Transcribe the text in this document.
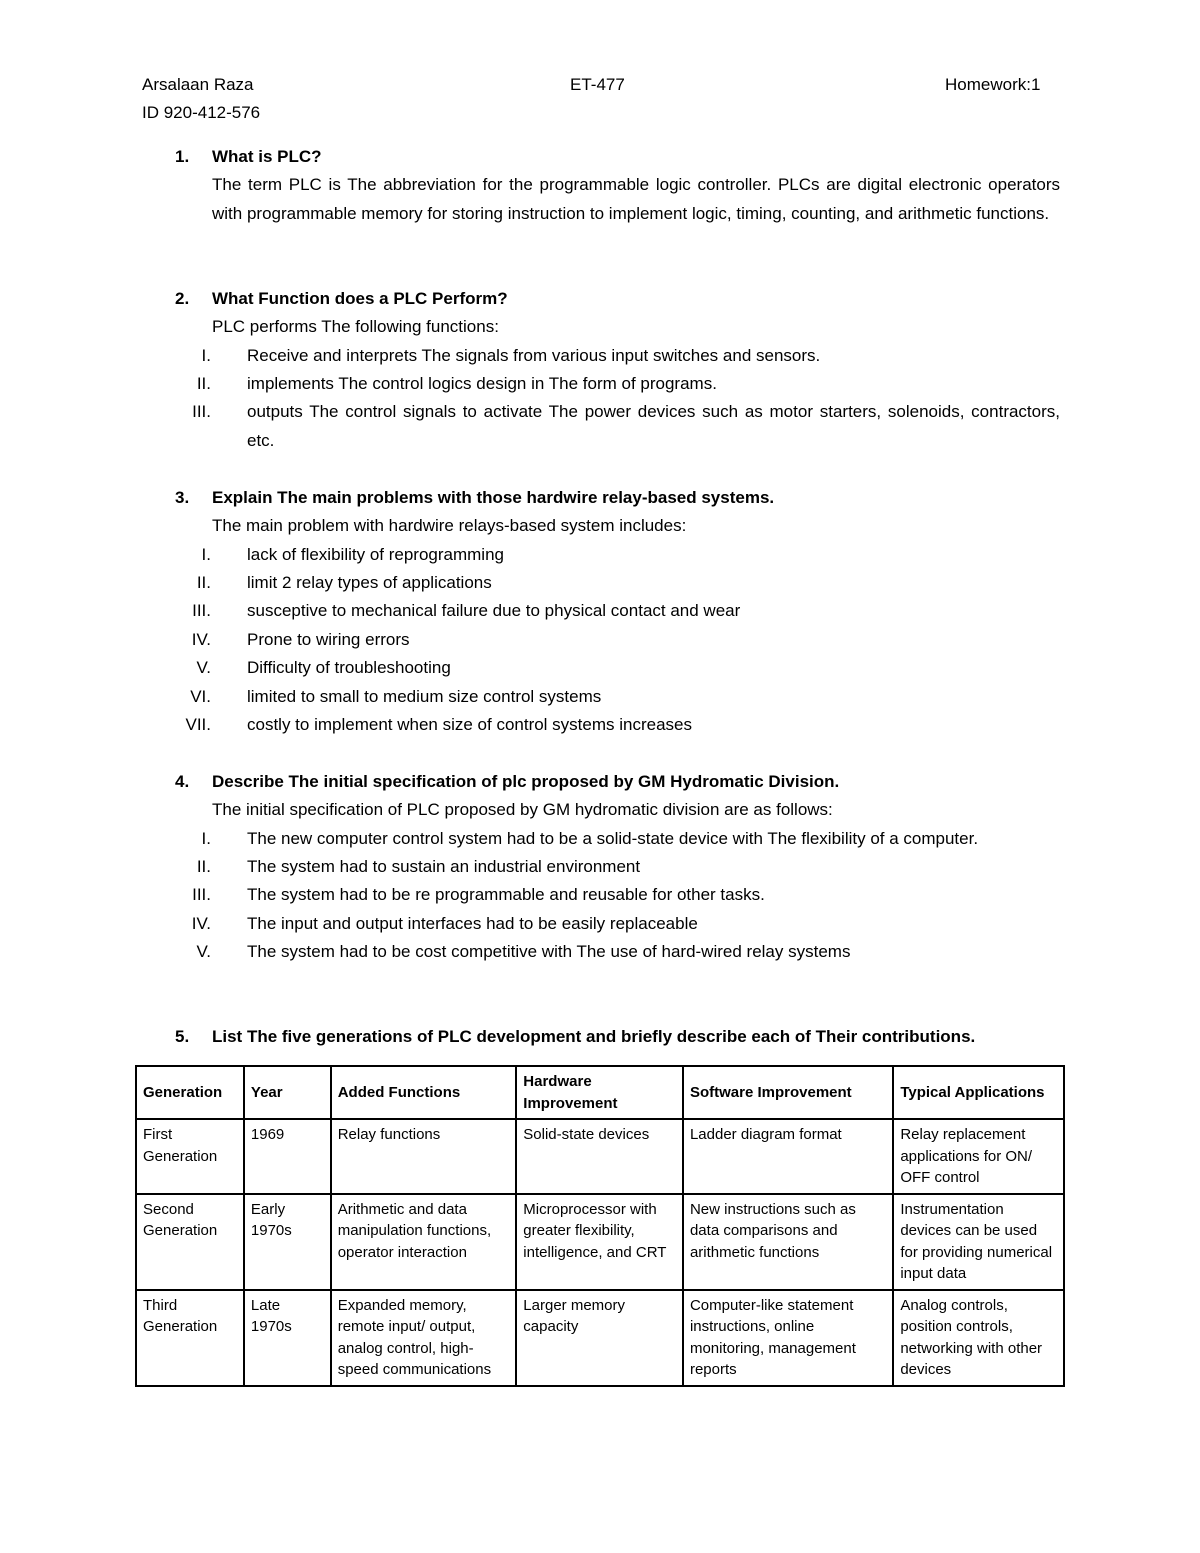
Arsalaan Raza	ET-477	Homework:1
ID 920-412-576
1.	What is PLC?
The term PLC is The abbreviation for the programmable logic controller. PLCs are digital electronic operators with programmable memory for storing instruction to implement logic, timing, counting, and arithmetic functions.
2.	What Function does a PLC Perform?
PLC performs The following functions:
I.	Receive and interprets The signals from various input switches and sensors.
II.	implements The control logics design in The form of programs.
III.	outputs The control signals to activate The power devices such as motor starters, solenoids, contractors, etc.
3.	Explain The main problems with those hardwire relay-based systems.
The main problem with hardwire relays-based system includes:
I.	lack of flexibility of reprogramming
II.	limit 2 relay types of applications
III.	susceptive to mechanical failure due to physical contact and wear
IV.	Prone to wiring errors
V.	Difficulty of troubleshooting
VI.	limited to small to medium size control systems
VII.	costly to implement when size of control systems increases
4.	Describe The initial specification of plc proposed by GM Hydromatic Division.
The initial specification of PLC proposed by GM hydromatic division are as follows:
I.	The new computer control system had to be a solid-state device with The flexibility of a computer.
II.	The system had to sustain an industrial environment
III.	The system had to be re programmable and reusable for other tasks.
IV.	The input and output interfaces had to be easily replaceable
V.	The system had to be cost competitive with The use of hard-wired relay systems
5.	List The five generations of PLC development and briefly describe each of Their contributions.
Generation	Year	Added Functions	Hardware Improvement	Software Improvement	Typical Applications
First Generation	1969	Relay functions	Solid-state devices	Ladder diagram format	Relay replacement applications for ON/ OFF control
Second Generation	Early 1970s	Arithmetic and data manipulation functions, operator interaction	Microprocessor with greater flexibility, intelligence, and CRT	New instructions such as data comparisons and arithmetic functions	Instrumentation devices can be used for providing numerical input data
Third Generation	Late 1970s	Expanded memory, remote input/ output, analog control, high-speed communications	Larger memory capacity	Computer-like statement instructions, online monitoring, management reports	Analog controls, position controls, networking with other devices
